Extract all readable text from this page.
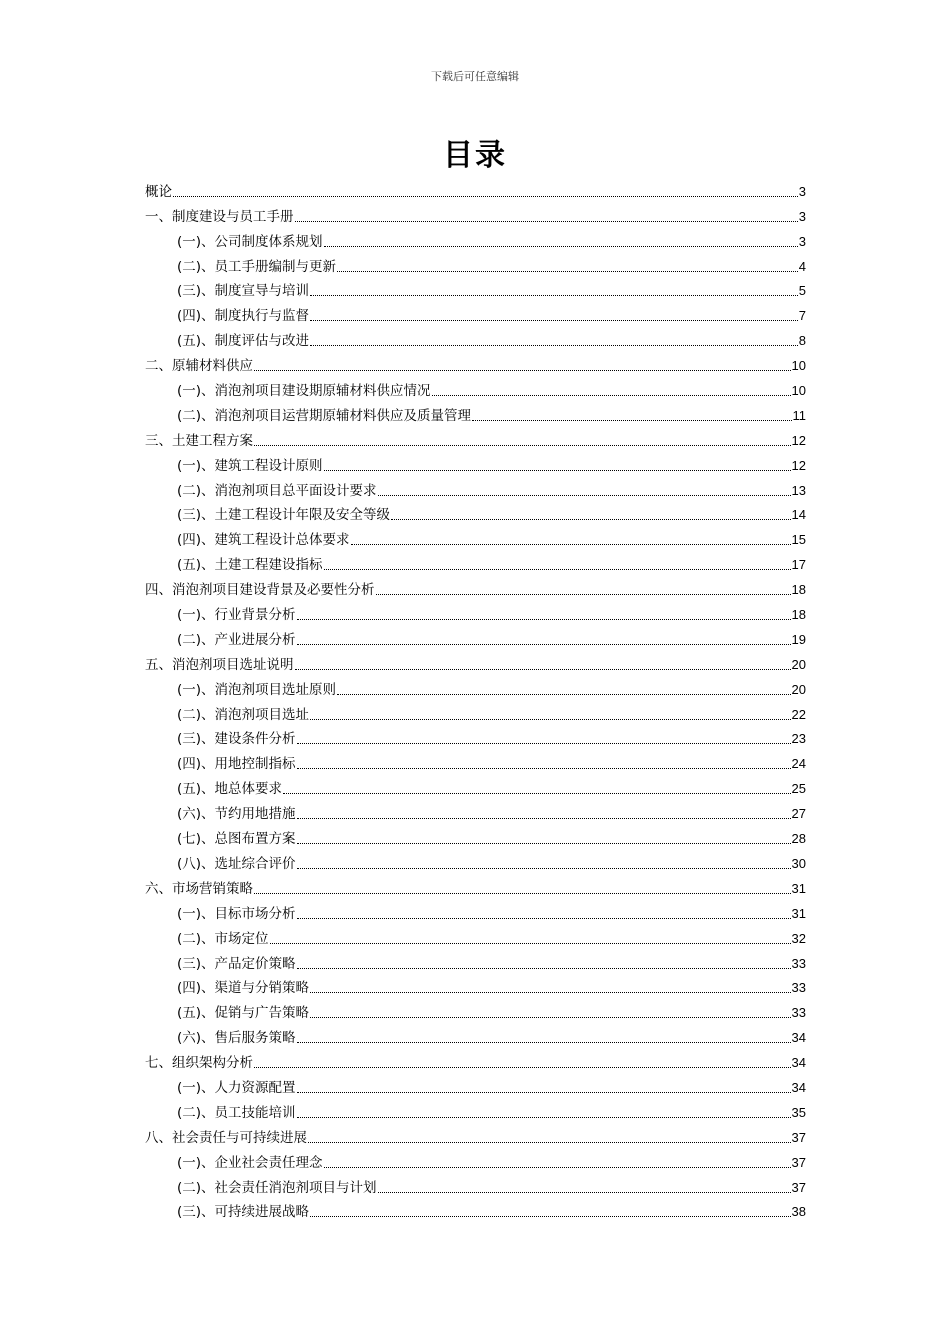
下载后可任意编辑
目录
概论	3
一、制度建设与员工手册	3
(一)、公司制度体系规划	3
(二)、员工手册编制与更新	4
(三)、制度宣导与培训	5
(四)、制度执行与监督	7
(五)、制度评估与改进	8
二、原辅材料供应	10
(一)、消泡剂项目建设期原辅材料供应情况	10
(二)、消泡剂项目运营期原辅材料供应及质量管理	11
三、土建工程方案	12
(一)、建筑工程设计原则	12
(二)、消泡剂项目总平面设计要求	13
(三)、土建工程设计年限及安全等级	14
(四)、建筑工程设计总体要求	15
(五)、土建工程建设指标	17
四、消泡剂项目建设背景及必要性分析	18
(一)、行业背景分析	18
(二)、产业进展分析	19
五、消泡剂项目选址说明	20
(一)、消泡剂项目选址原则	20
(二)、消泡剂项目选址	22
(三)、建设条件分析	23
(四)、用地控制指标	24
(五)、地总体要求	25
(六)、节约用地措施	27
(七)、总图布置方案	28
(八)、选址综合评价	30
六、市场营销策略	31
(一)、目标市场分析	31
(二)、市场定位	32
(三)、产品定价策略	33
(四)、渠道与分销策略	33
(五)、促销与广告策略	33
(六)、售后服务策略	34
七、组织架构分析	34
(一)、人力资源配置	34
(二)、员工技能培训	35
八、社会责任与可持续进展	37
(一)、企业社会责任理念	37
(二)、社会责任消泡剂项目与计划	37
(三)、可持续进展战略	38
